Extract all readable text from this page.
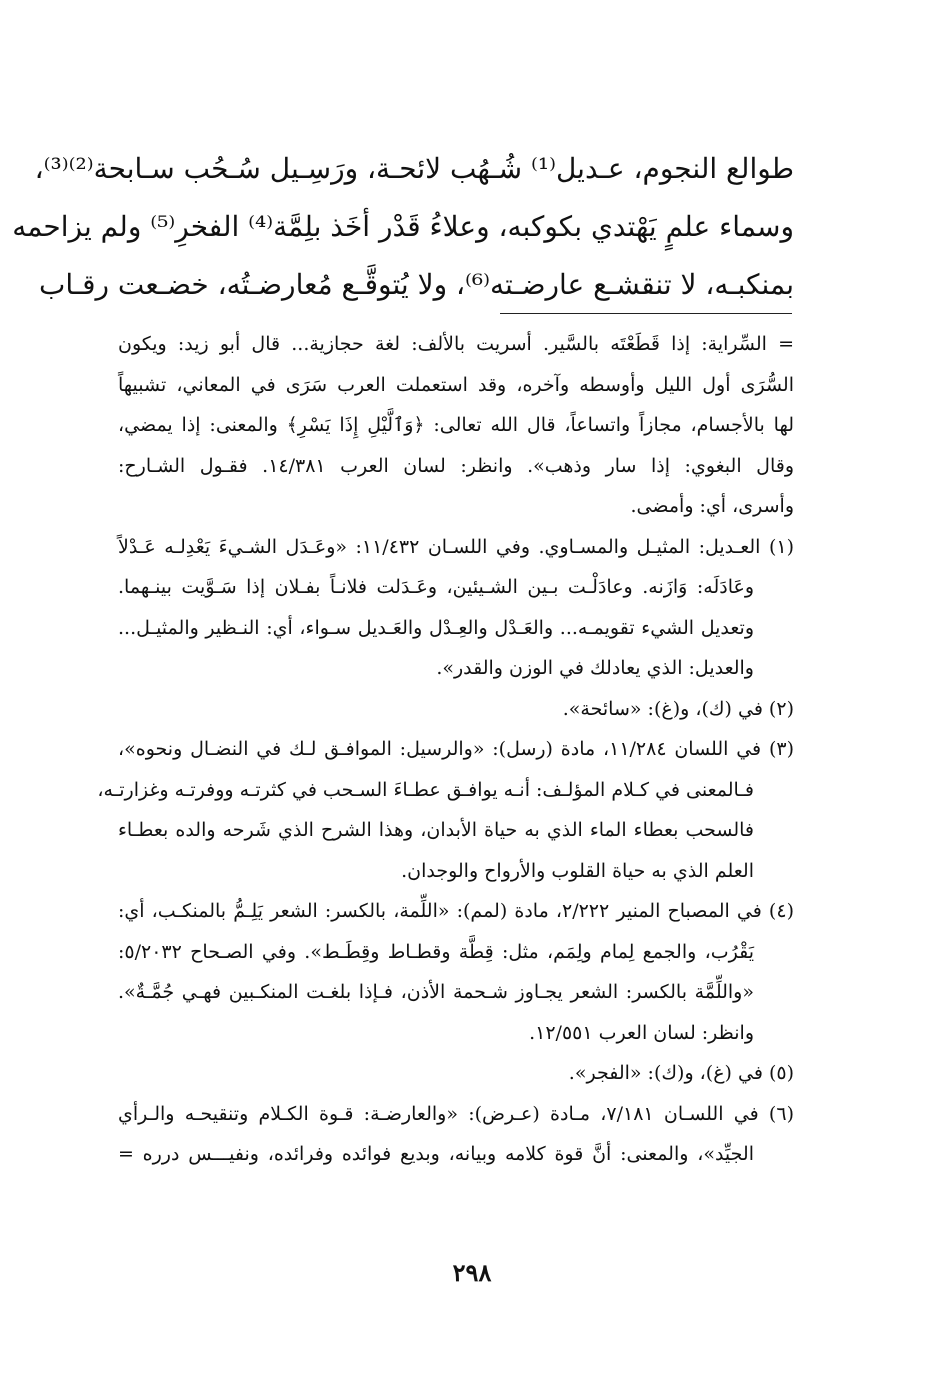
طوالع النجوم، عـديل⁽¹⁾ شُـهُب لائحـة، ورَسِـيل سُـحُب سـابحة⁽²⁾⁽³⁾،
وسماء علمٍ يَهْتدي بكوكبه، وعلاءُ قَدْر أخَذ بلِمَّة⁽⁴⁾ الفخرِ⁽⁵⁾ ولم يزاحمه
بمنكبـه، لا تنقشـع عارضـته⁽⁶⁾، ولا يُتوقَّـع مُعارضـتُه، خضـعت رقـاب
= السِّراية: إذا قَطَعْتَه بالسَّير. أسريت بالألف: لغة حجازية... قال أبو زيد: ويكون
السُّرَى أول الليل وأوسطه وآخره، وقد استعملت العرب سَرَى في المعاني، تشبيهاً
لها بالأجسام، مجازاً واتساعاً، قال الله تعالى: ﴿وَٱلَّيْلِ إِذَا يَسْرِ﴾ والمعنى: إذا يمضي،
وقال البغوي: إذا سار وذهب». وانظر: لسان العرب ١٤/٣٨١. فقـول الشـارح:
وأسرى، أي: وأمضى.
(١) العـديل: المثيـل والمسـاوي. وفي اللسـان ١١/٤٣٢: «وعَـدَل الشـيءَ يَعْدِلـه عَـدْلاً
وعَادَلَه: وَازَنه. وعادَلْـت بـين الشـيئين، وعَـدَلت فلانـاً بفـلان إذا سَـوَّيت بينـهما.
وتعديل الشيء تقويمـه... والعَـدْل والعِـدْل والعَـديل سـواء، أي: النـظير والمثيـل...
والعديل: الذي يعادلك في الوزن والقدر».
(٢) في (ك)، و(غ): «سائحة».
(٣) في اللسان ١١/٢٨٤، مادة (رسل): «والرسيل: الموافـق لـك في النضـال ونحوه»،
فـالمعنى في كـلام المؤلـف: أنـه يوافـق عطـاءَ السـحب في كثرتـه ووفرتـه وغزارتـه،
فالسحب بعطاء الماء الذي به حياة الأبدان، وهذا الشرح الذي شَرحه والده بعطـاء
العلم الذي به حياة القلوب والأرواح والوجدان.
(٤) في المصباح المنير ٢/٢٢٢، مادة (لمم): «اللِّمة، بالكسر: الشعر يَلِـمُّ بالمنكـب، أي:
يَقْرُب، والجمع لِمام ولِمَم، مثل: قِطَّة وقطـاط وقِطَـط». وفي الصـحاح ٥/٢٠٣٢:
«واللِّمَّة بالكسر: الشعر يجـاوز شـحمة الأذن، فـإذا بلغـت المنكـبين فهـي جُمَّـةٌ».
وانظر: لسان العرب ١٢/٥٥١.
(٥) في (غ)، و(ك): «الفجر».
(٦) في اللسـان ٧/١٨١، مـادة (عـرض): «والعارضـة: قـوة الكـلام وتنقيحـه والـرأي
الجيِّد»، والمعنى: أنَّ قوة كلامه وبيانه، وبديع فوائده وفرائده، ونفيـــس درره =
٢٩٨
